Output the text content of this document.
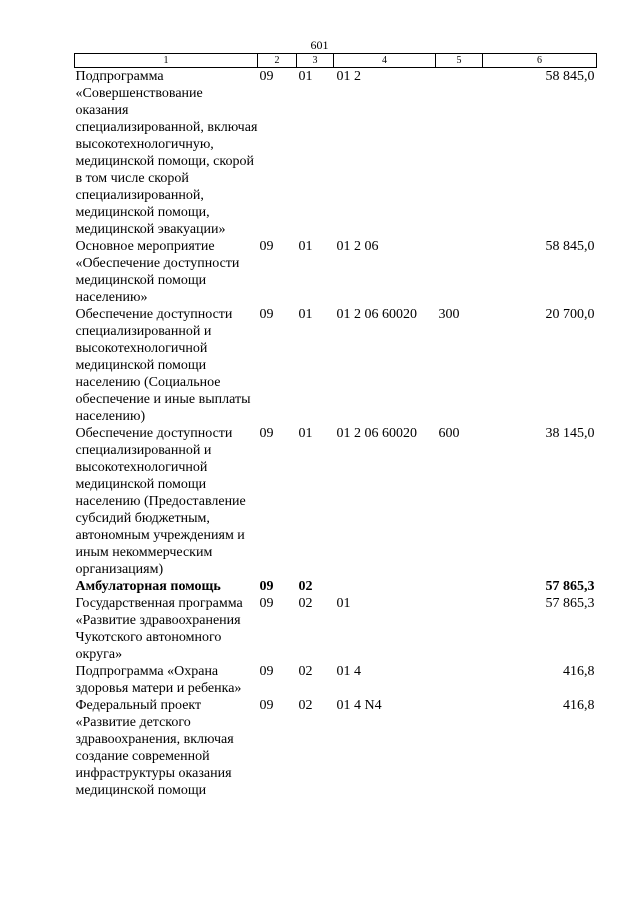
601
1	2	3	4	5	6
Подпрограмма «Совершенствование оказания специализированной, включая высокотехнологичную, медицинской помощи, скорой в том числе скорой специализированной, медицинской помощи, медицинской эвакуации»	09	01	01 2		58 845,0
Основное мероприятие «Обеспечение доступности медицинской помощи населению»	09	01	01 2 06		58 845,0
Обеспечение доступности специализированной и высокотехнологичной медицинской помощи населению (Социальное обеспечение и иные выплаты населению)	09	01	01 2 06 60020	300	20 700,0
Обеспечение доступности специализированной и высокотехнологичной медицинской помощи населению (Предоставление субсидий бюджетным, автономным учреждениям и иным некоммерческим организациям)	09	01	01 2 06 60020	600	38 145,0
Амбулаторная помощь	09	02			57 865,3
Государственная программа «Развитие здравоохранения Чукотского автономного округа»	09	02	01		57 865,3
Подпрограмма «Охрана здоровья матери и ребенка»	09	02	01 4		416,8
Федеральный проект «Развитие детского здравоохранения, включая создание современной инфраструктуры оказания медицинской помощи	09	02	01 4 N4		416,8
